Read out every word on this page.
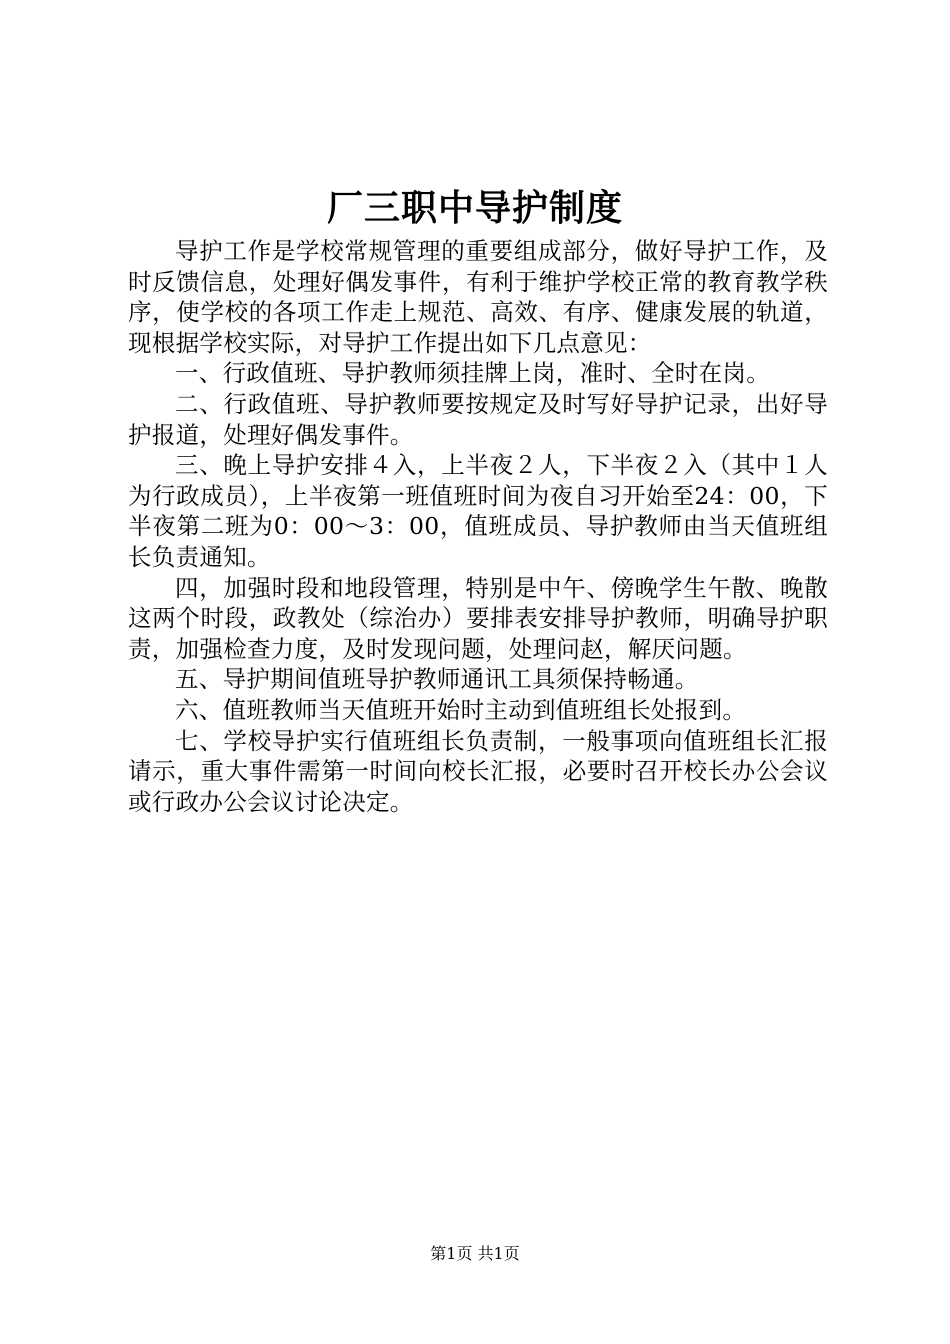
厂三职中导护制度

导护工作是学校常规管理的重要组成部分，做好导护工作，及时反馈信息，处理好偶发事件，有利于维护学校正常的教育教学秩序，使学校的各项工作走上规范、高效、有序、健康发展的轨道，现根据学校实际，对导护工作提出如下几点意见：

一、行政值班、导护教师须挂牌上岗，准时、全时在岗。

二、行政值班、导护教师要按规定及时写好导护记录，出好导护报道，处理好偶发事件。

三、晚上导护安排４入，上半夜２人，下半夜２入（其中１人为行政成员），上半夜第一班值班时间为夜自习开始至24：00，下半夜第二班为0：00～3：00，值班成员、导护教师由当天值班组长负责通知。

四，加强时段和地段管理，特别是中午、傍晚学生午散、晚散这两个时段，政教处（综治办）要排表安排导护教师，明确导护职责，加强检查力度，及时发现问题，处理问赵，解厌问题。

五、导护期间值班导护教师通讯工具须保持畅通。

六、值班教师当天值班开始时主动到值班组长处报到。

七、学校导护实行值班组长负责制，一般事项向值班组长汇报请示，重大事件需第一时间向校长汇报，必要时召开校长办公会议或行政办公会议讨论决定。

第1页 共1页
